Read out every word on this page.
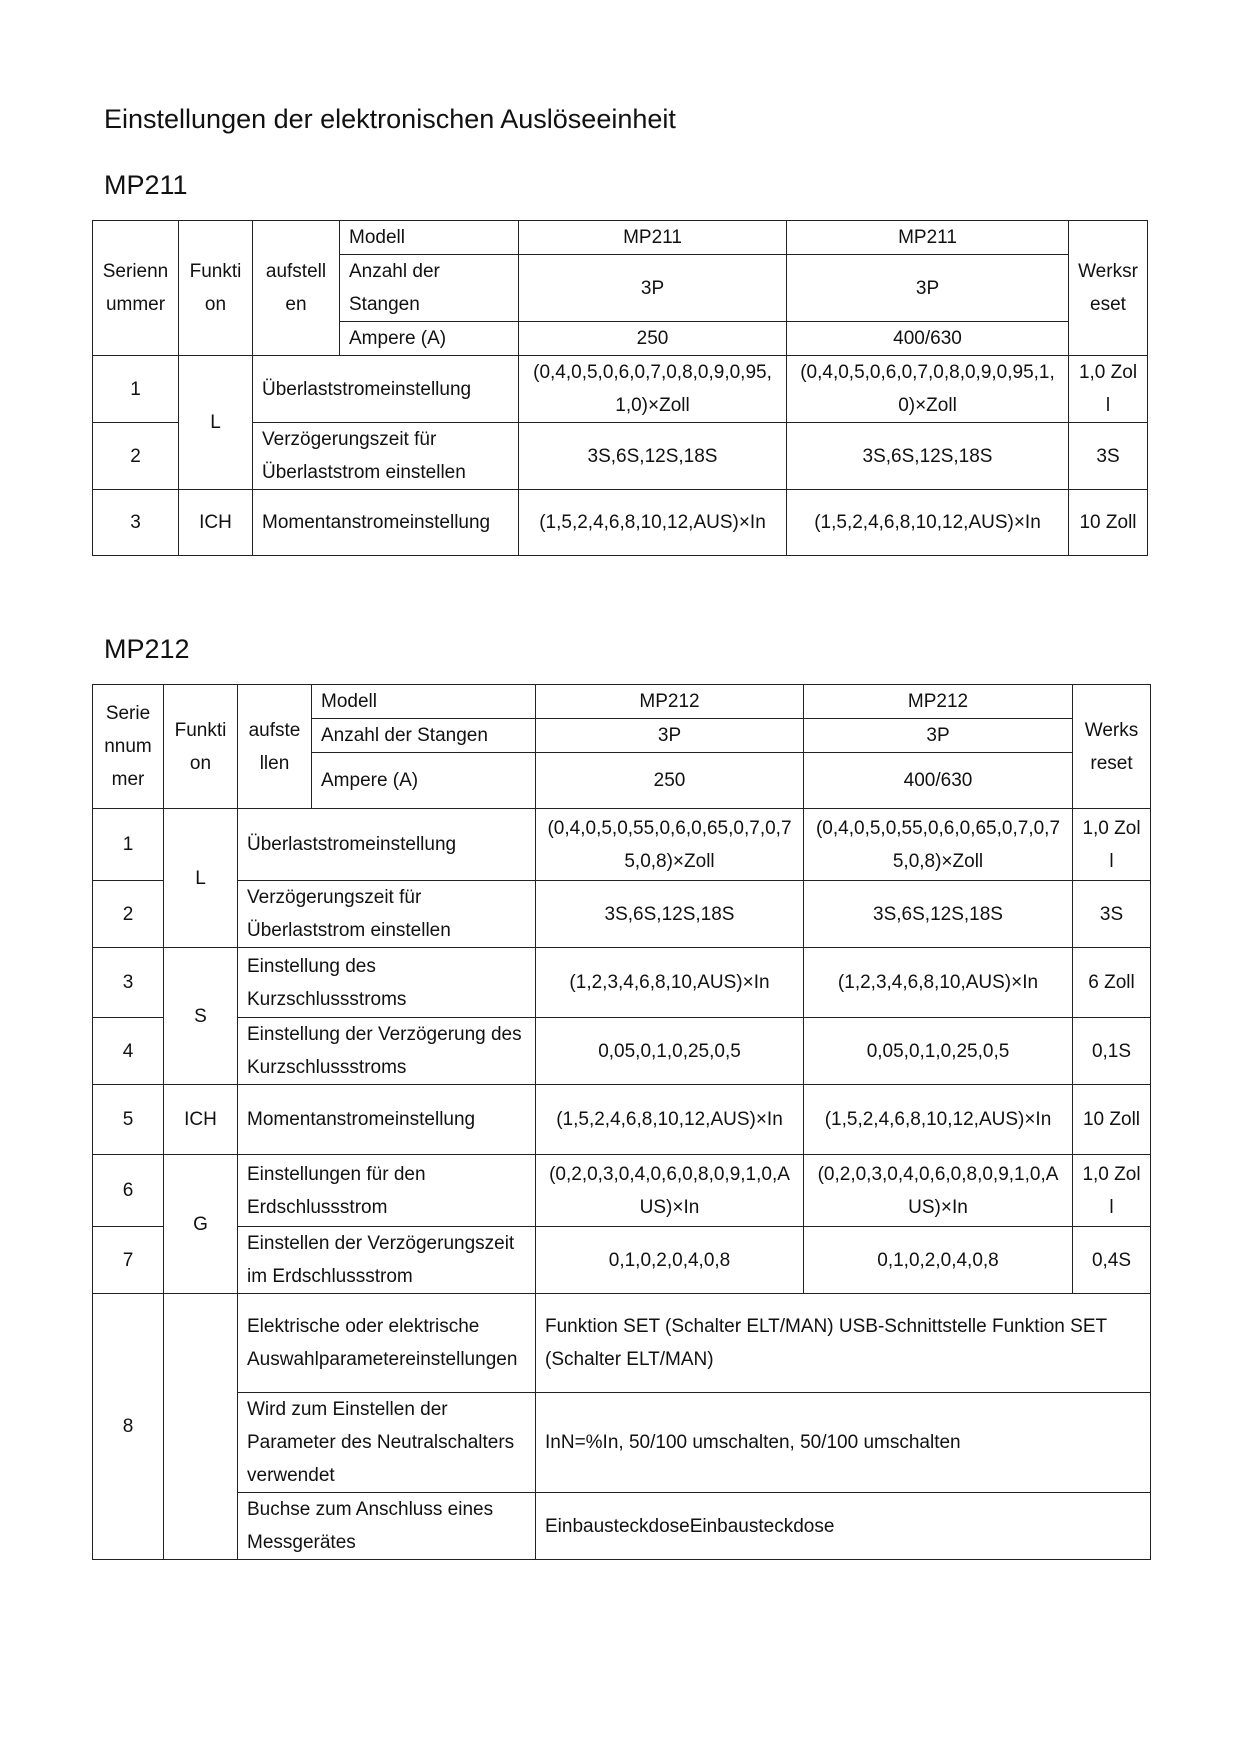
Einstellungen der elektronischen Auslöseeinheit
MP211
Seriennummer	Funktion	aufstellen	Modell	MP211	MP211	Werksreset
			Anzahl der Stangen	3P	3P	

			Ampere (A)	250	400/630	
1	L	Überlaststromeinstellung		(0,4,0,5,0,6,0,7,0,8,0,9,0,95,1,0)×Zoll	(0,4,0,5,0,6,0,7,0,8,0,9,0,95,1,0)×Zoll	1,0 Zoll
2		Verzögerungszeit für Überlaststrom einstellen		3S,6S,12S,18S	3S,6S,12S,18S	3S
3	ICH	Momentanstromeinstellung		(1,5,2,4,6,8,10,12,AUS)×In	(1,5,2,4,6,8,10,12,AUS)×In	10 Zoll
MP212
Seriennummer	Funktion	aufstellen	Modell	MP212	MP212	Werksreset
			Anzahl der Stangen	3P	3P	
			Ampere (A)	250	400/630	
1	L	Überlaststromeinstellung		(0,4,0,5,0,55,0,6,0,65,0,7,0,75,0,8)×Zoll	(0,4,0,5,0,55,0,6,0,65,0,7,0,75,0,8)×Zoll	1,0 Zoll
2		Verzögerungszeit für Überlaststrom einstellen		3S,6S,12S,18S	3S,6S,12S,18S	3S
3	S	Einstellung des Kurzschlussstroms		(1,2,3,4,6,8,10,AUS)×In	(1,2,3,4,6,8,10,AUS)×In	6 Zoll
4		Einstellung der Verzögerung des Kurzschlussstroms		0,05,0,1,0,25,0,5	0,05,0,1,0,25,0,5	0,1S
5	ICH	Momentanstromeinstellung		(1,5,2,4,6,8,10,12,AUS)×In	(1,5,2,4,6,8,10,12,AUS)×In	10 Zoll
6	G	Einstellungen für den Erdschlussstrom		(0,2,0,3,0,4,0,6,0,8,0,9,1,0,AUS)×In	(0,2,0,3,0,4,0,6,0,8,0,9,1,0,AUS)×In	1,0 Zoll
7		Einstellen der Verzögerungszeit im Erdschlussstrom		0,1,0,2,0,4,0,8	0,1,0,2,0,4,0,8	0,4S
8		Elektrische oder elektrische Auswahlparametereinstellungen		Funktion SET (Schalter ELT/MAN) USB-Schnittstelle Funktion SET (Schalter ELT/MAN)		
		Wird zum Einstellen der Parameter des Neutralschalters verwendet		InN=%In, 50/100 umschalten, 50/100 umschalten		
		Buchse zum Anschluss eines Messgerätes		EinbausteckdoseEinbausteckdose		
